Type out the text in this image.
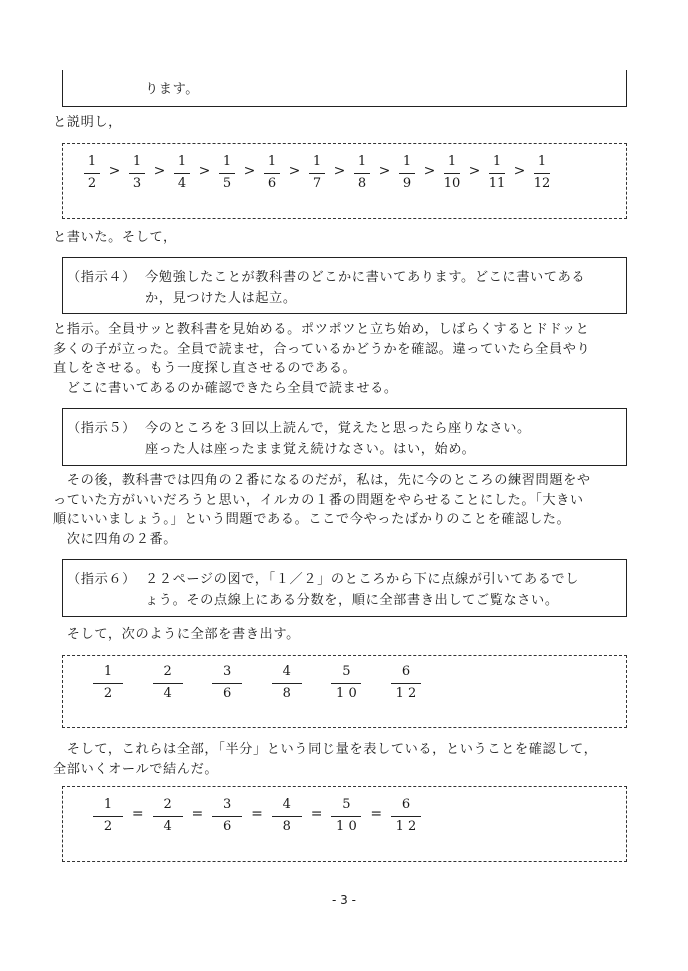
ります。
と説明し，
1
2
>
1
3
>
1
4
>
1
5
>
1
6
>
1
7
>
1
8
>
1
9
>
1
10
>
1
11
>
1
12
と書いた。そして，
（指示４） 今勉強したことが教科書のどこかに書いてあります。どこに書いてある
か，見つけた人は起立。
と指示。全員サッと教科書を見始める。ポツポツと立ち始め，しばらくするとドドッと
多くの子が立った。全員で読ませ，合っているかどうかを確認。違っていたら全員やり
直しをさせる。もう一度探し直させるのである。
　どこに書いてあるのか確認できたら全員で読ませる。
（指示５） 今のところを３回以上読んで，覚えたと思ったら座りなさい。
座った人は座ったまま覚え続けなさい。はい，始め。
　その後，教科書では四角の２番になるのだが，私は，先に今のところの練習問題をや
っていた方がいいだろうと思い，イルカの１番の問題をやらせることにした。「大きい
順にいいましょう。」という問題である。ここで今やったばかりのことを確認した。
　次に四角の２番。
（指示６） ２２ページの図で，「１／２」のところから下に点線が引いてあるでし
ょう。その点線上にある分数を，順に全部書き出してご覧なさい。
　そして，次のように全部を書き出す。
1
2
2
4
3
6
4
8
5
1 0
6
1 2
　そして，これらは全部，「半分」という同じ量を表している，ということを確認して，
全部いくオールで結んだ。
1
2
=
2
4
=
3
6
=
4
8
=
5
1 0
=
6
1 2
- 3 -
